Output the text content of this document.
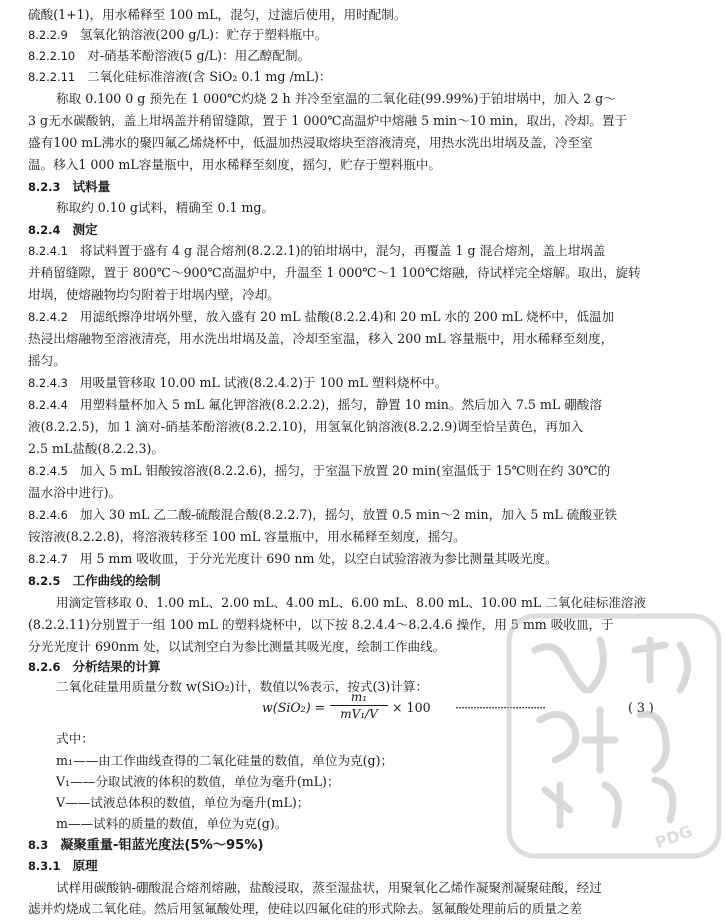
硫酸(1+1)，用水稀释至 100 mL，混匀，过滤后使用，用时配制。
8.2.2.9 氢氧化钠溶液(200 g/L)：贮存于塑料瓶中。
8.2.2.10 对-硝基苯酚溶液(5 g/L)：用乙醇配制。
8.2.2.11 二氧化硅标准溶液(含 SiO₂ 0.1 mg /mL)：
称取 0.100 0 g 预先在 1 000℃灼烧 2 h 并冷至室温的二氧化硅(99.99%)于铂坩埚中，加入 2 g～
3 g无水碳酸钠，盖上坩埚盖并稍留缝隙，置于 1 000℃高温炉中熔融 5 min～10 min，取出，冷却。置于
盛有100 mL沸水的聚四氟乙烯烧杯中，低温加热浸取熔块至溶液清亮，用热水洗出坩埚及盖，冷至室
温。移入1 000 mL容量瓶中，用水稀释至刻度，摇匀，贮存于塑料瓶中。
8.2.3 试料量
称取约 0.10 g试料，精确至 0.1 mg。
8.2.4 测定
8.2.4.1 将试料置于盛有 4 g 混合熔剂(8.2.2.1)的铂坩埚中，混匀，再覆盖 1 g 混合熔剂，盖上坩埚盖
并稍留缝隙，置于 800℃～900℃高温炉中，升温至 1 000℃～1 100℃熔融，待试样完全熔解。取出，旋转
坩埚，使熔融物均匀附着于坩埚内壁，冷却。
8.2.4.2 用滤纸擦净坩埚外壁，放入盛有 20 mL 盐酸(8.2.2.4)和 20 mL 水的 200 mL 烧杯中，低温加
热浸出熔融物至溶液清亮，用水洗出坩埚及盖，冷却至室温，移入 200 mL 容量瓶中，用水稀释至刻度，
摇匀。
8.2.4.3 用吸量管移取 10.00 mL 试液(8.2.4.2)于 100 mL 塑料烧杯中。
8.2.4.4 用塑料量杯加入 5 mL 氟化钾溶液(8.2.2.2)，摇匀，静置 10 min。然后加入 7.5 mL 硼酸溶
液(8.2.2.5)，加 1 滴对-硝基苯酚溶液(8.2.2.10)，用氢氧化钠溶液(8.2.2.9)调至恰呈黄色，再加入
2.5 mL盐酸(8.2.2.3)。
8.2.4.5 加入 5 mL 钼酸铵溶液(8.2.2.6)，摇匀，于室温下放置 20 min(室温低于 15℃则在约 30℃的
温水浴中进行)。
8.2.4.6 加入 30 mL 乙二酸-硫酸混合酸(8.2.2.7)，摇匀，放置 0.5 min～2 min，加入 5 mL 硫酸亚铁
铵溶液(8.2.2.8)，将溶液转移至 100 mL 容量瓶中，用水稀释至刻度，摇匀。
8.2.4.7 用 5 mm 吸收皿，于分光光度计 690 nm 处，以空白试验溶液为参比测量其吸光度。
8.2.5 工作曲线的绘制
用滴定管移取 0、1.00 mL、2.00 mL、4.00 mL、6.00 mL、8.00 mL、10.00 mL 二氧化硅标准溶液
(8.2.2.11)分别置于一组 100 mL 的塑料烧杯中，以下按 8.2.4.4～8.2.4.6 操作，用 5 mm 吸收皿，于
分光光度计 690nm 处，以试剂空白为参比测量其吸光度，绘制工作曲线。
8.2.6 分析结果的计算
二氧化硅量用质量分数 w(SiO₂)计，数值以%表示，按式(3)计算：
$w(SiO_2) = \frac{\text{m₁}}{\text{mV₁/V}} \times 100$ ······························	( 3 )
式中：
m₁——由工作曲线查得的二氧化硅量的数值，单位为克(g)；
V₁——分取试液的体积的数值，单位为毫升(mL)；
V——试液总体积的数值，单位为毫升(mL)；
m——试料的质量的数值，单位为克(g)。
8.3 凝聚重量-钼蓝光度法(5%～95%)
8.3.1 原理
试样用碳酸钠-硼酸混合熔剂熔融，盐酸浸取，蒸至湿盐状，用聚氧化乙烯作凝聚剂凝聚硅酸，经过
滤并灼烧成二氧化硅。然后用氢氟酸处理，使硅以四氟化硅的形式除去。氢氟酸处理前后的质量之差
PDG
